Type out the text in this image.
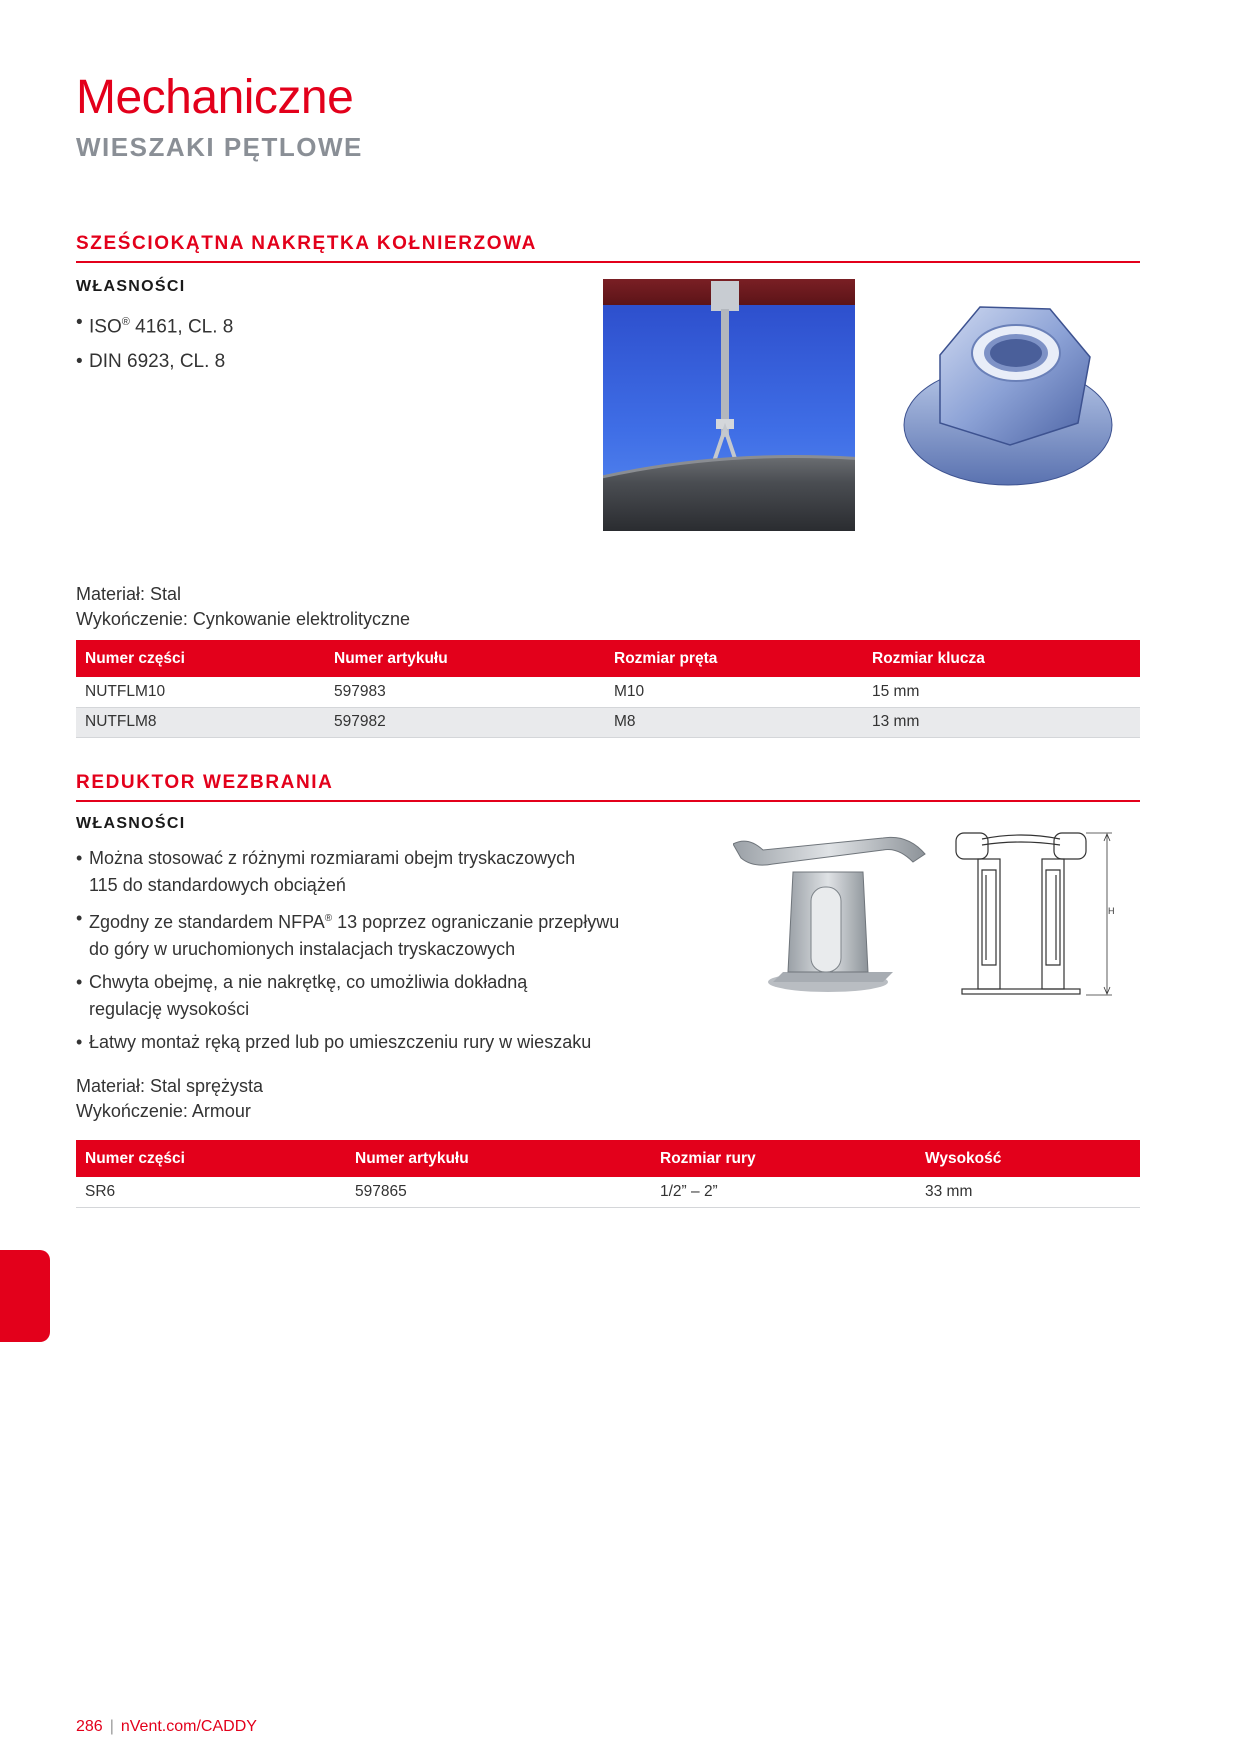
Mechaniczne
WIESZAKI PĘTLOWE
SZEŚCIOKĄTNA NAKRĘTKA KOŁNIERZOWA
WŁASNOŚCI
• ISO® 4161, CL. 8
• DIN 6923, CL. 8
Materiał: Stal
Wykończenie: Cynkowanie elektrolityczne
Numer części	Numer artykułu	Rozmiar pręta	Rozmiar klucza
NUTFLM10	597983	M10	15 mm
NUTFLM8	597982	M8	13 mm
REDUKTOR WEZBRANIA
WŁASNOŚCI
• Można stosować z różnymi rozmiarami obejm tryskaczowych
115 do standardowych obciążeń
• Zgodny ze standardem NFPA® 13 poprzez ograniczanie przepływu
do góry w uruchomionych instalacjach tryskaczowych
• Chwyta obejmę, a nie nakrętkę, co umożliwia dokładną
regulację wysokości
• Łatwy montaż ręką przed lub po umieszczeniu rury w wieszaku
H
Materiał: Stal sprężysta
Wykończenie: Armour
Numer części	Numer artykułu	Rozmiar rury	Wysokość
SR6	597865	1/2” – 2”	33 mm
286 | nVent.com/CADDY
